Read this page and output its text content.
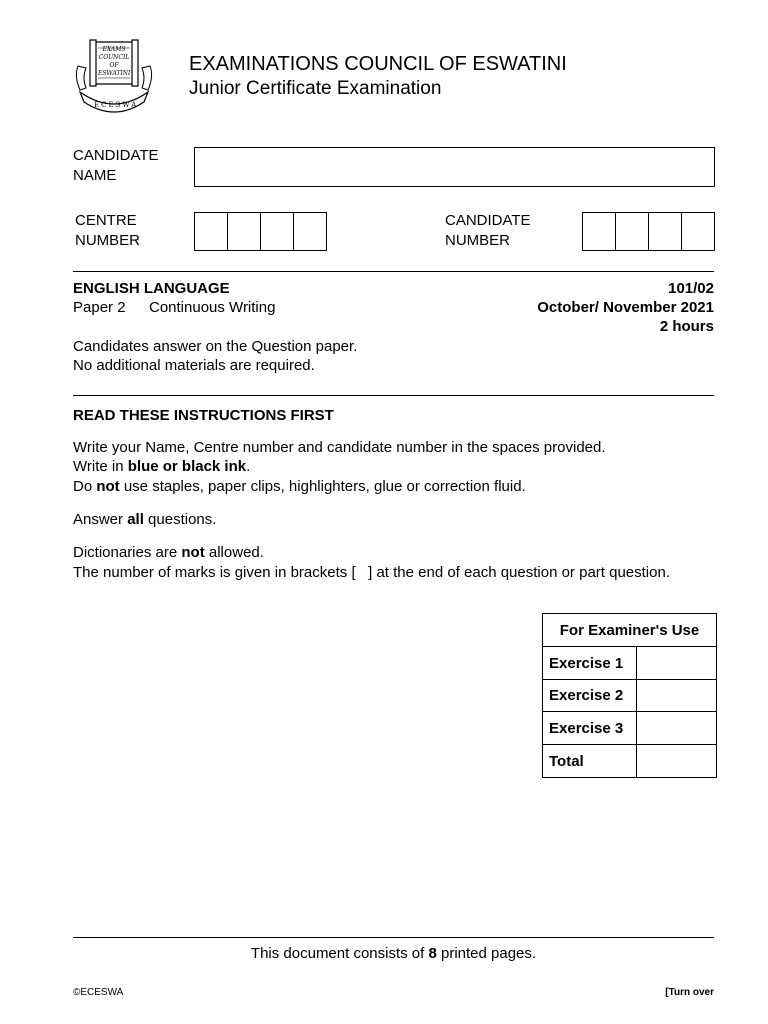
EXAMS COUNCIL OF ESWATINI
ECESWA
EXAMINATIONS COUNCIL OF ESWATINI
Junior Certificate Examination
CANDIDATE
NAME
CENTRE
NUMBER
CANDIDATE
NUMBER
ENGLISH LANGUAGE	101/02
Paper 2 Continuous Writing	October/ November 2021
2 hours
Candidates answer on the Question paper.
No additional materials are required.
READ THESE INSTRUCTIONS FIRST
Write your Name, Centre number and candidate number in the spaces provided.
Write in blue or black ink.
Do not use staples, paper clips, highlighters, glue or correction fluid.
Answer all questions.
Dictionaries are not allowed.
The number of marks is given in brackets [   ] at the end of each question or part question.
For Examiner's Use	
Exercise 1	
Exercise 2	
Exercise 3	
Total	
This document consists of 8 printed pages.
©ECESWA	[Turn over
